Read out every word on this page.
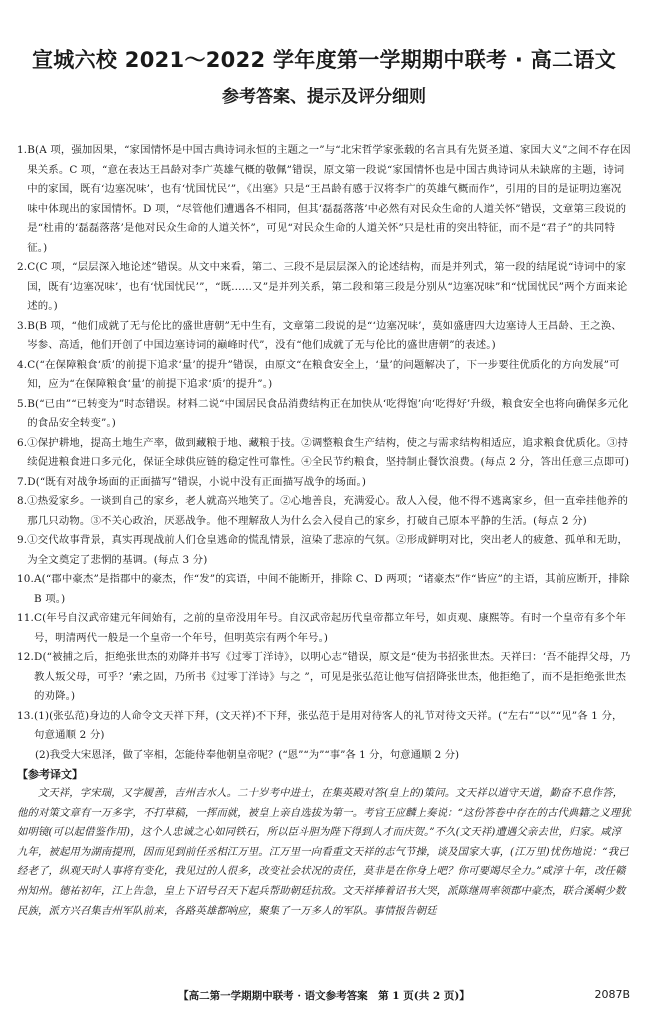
宣城六校 2021～2022 学年度第一学期期中联考 · 高二语文
参考答案、提示及评分细则
1. B(A 项，强加因果，“家国情怀是中国古典诗词永恒的主题之一”与“北宋哲学家张载的名言具有先贤圣道、家国大义”之间不存在因果关系。C 项，“意在表达王昌龄对李广英雄气概的敬佩”错误，原文第一段说“家国情怀也是中国古典诗词从未缺席的主题，诗词中的家国，既有‘边塞况味’，也有‘忧国忧民’”，《出塞》只是“王昌龄有感于汉将李广的英雄气概而作”，引用的目的是证明边塞况味中体现出的家国情怀。D 项，“尽管他们遭遇各不相同，但其‘磊磊落落’中必然有对民众生命的人道关怀”错误，文章第三段说的是“杜甫的‘磊磊落落’是他对民众生命的人道关怀”，可见“对民众生命的人道关怀”只是杜甫的突出特征，而不是“君子”的共同特征。)
2. C(C 项，“层层深入地论述”错误。从文中来看，第二、三段不是层层深入的论述结构，而是并列式，第一段的结尾说“诗词中的家国，既有‘边塞况味’，也有‘忧国忧民’”，“既……又”是并列关系，第二段和第三段是分别从“边塞况味”和“忧国忧民”两个方面来论述的。)
3. B(B 项，“他们成就了无与伦比的盛世唐朝”无中生有，文章第二段说的是“‘边塞况味’，莫如盛唐四大边塞诗人王昌龄、王之涣、岑参、高适，他们开创了中国边塞诗词的巅峰时代”，没有“他们成就了无与伦比的盛世唐朝”的表述。)
4. C(“在保障粮食‘质’的前提下追求‘量’的提升”错误，由原文“在粮食安全上，‘量’的问题解决了，下一步要往优质化的方向发展”可知，应为“在保障粮食‘量’的前提下追求‘质’的提升”。)
5. B(“已由”“已转变为”时态错误。材料二说“中国居民食品消费结构正在加快从‘吃得饱’向‘吃得好’升级，粮食安全也将向确保多元化的食品安全转变”。)
6. ①保护耕地，提高土地生产率，做到藏粮于地、藏粮于技。②调整粮食生产结构，使之与需求结构相适应，追求粮食优质化。③持续促进粮食进口多元化，保证全球供应链的稳定性可靠性。④全民节约粮食，坚持制止餐饮浪费。(每点 2 分，答出任意三点即可)
7. D(“既有对战争场面的正面描写”错误，小说中没有正面描写战争的场面。)
8. ①热爱家乡。一谈到自己的家乡，老人就高兴地笑了。②心地善良，充满爱心。敌人入侵，他不得不逃离家乡，但一直牵挂他养的那几只动物。③不关心政治，厌恶战争。他不理解敌人为什么会入侵自己的家乡，打破自己原本平静的生活。(每点 2 分)
9. ①交代故事背景，真实再现战前人们仓皇逃命的慌乱情景，渲染了悲凉的气氛。②形成鲜明对比，突出老人的疲惫、孤单和无助，为全文奠定了悲惘的基调。(每点 3 分)
10. A(“郡中豪杰”是指郡中的豪杰，作“发”的宾语，中间不能断开，排除 C、D 两项；“诸豪杰”作“皆应”的主语，其前应断开，排除 B 项。)
11. C(年号自汉武帝建元年间始有，之前的皇帝没用年号。自汉武帝起历代皇帝都立年号，如贞观、康熙等。有时一个皇帝有多个年号，明清两代一般是一个皇帝一个年号，但明英宗有两个年号。)
12. D(“被捕之后，拒绝张世杰的劝降并书写《过零丁洋诗》，以明心志”错误，原文是“使为书招张世杰。天祥曰：‘吾不能捍父母，乃教人叛父母，可乎？’索之固，乃所书《过零丁洋诗》与之 ”，可见是张弘范让他写信招降张世杰，他拒绝了，而不是拒绝张世杰的劝降。)
13. (1)(张弘范)身边的人命令文天祥下拜，(文天祥)不下拜，张弘范于是用对待客人的礼节对待文天祥。(“左右”“以”“见”各 1 分，句意通顺 2 分)
(2)我受大宋恩泽，做了宰相，怎能侍奉他朝皇帝呢？(“恩”“为”“事”各 1 分，句意通顺 2 分)
【参考译文】
文天祥，字宋瑞，又字履善，吉州吉水人。二十岁考中进士，在集英殿对答(皇上的)策问。文天祥以道守天道，勤奋不息作答，他的对策文章有一万多字，不打草稿，一挥而就，被皇上亲自选拔为第一。考官王应麟上奏说：“这份答卷中存在的古代典籍之义理犹如明镜(可以起借鉴作用)，这个人忠诚之心如同铁石，所以臣斗胆为陛下得到人才而庆贺。”不久(文天祥)遭遇父亲去世，归家。咸淳九年，被起用为湖南提刑，因而见到前任丞相江万里。江万里一向看重文天祥的志气节操，谈及国家大事，(江万里)忧伤地说：“我已经老了，纵观天时人事将有变化，我见过的人很多，改变社会状况的责任，莫非是在你身上吧？你可要竭尽全力。”咸淳十年，改任赣州知州。德祐初年，江上告急，皇上下诏号召天下起兵帮助朝廷抗敌。文天祥捧着诏书大哭，派陈继周率领郡中豪杰，联合溪峒少数民族，派方兴召集吉州军队前来，各路英雄都响应，聚集了一万多人的军队。事情报告朝廷
【高二第一学期期中联考 · 语文参考答案　第 1 页(共 2 页)】	2087B
